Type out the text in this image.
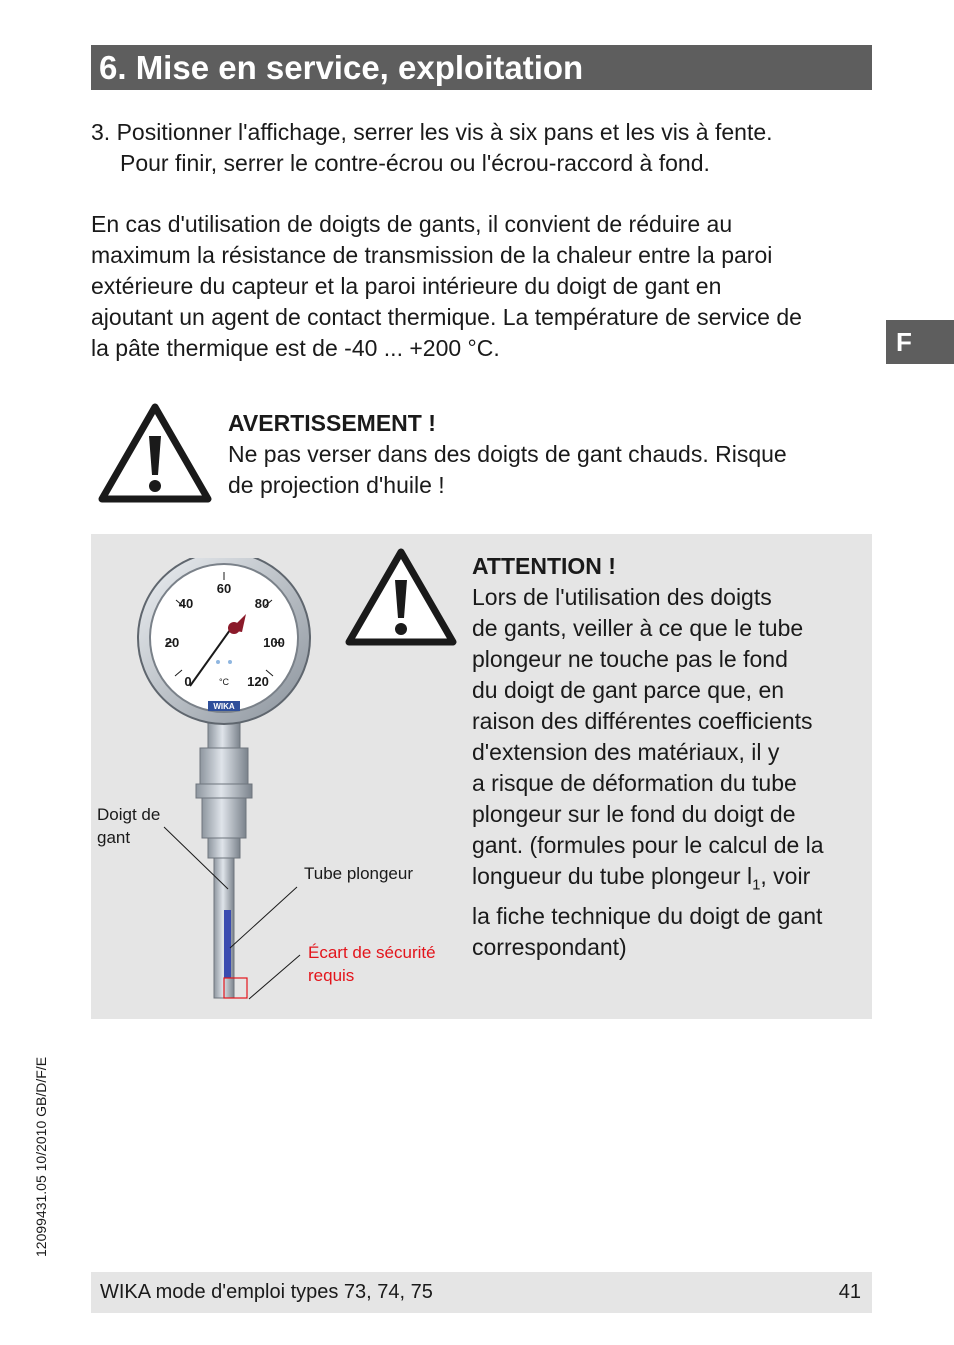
6. Mise en service, exploitation
F
3. Positionner l'affichage, serrer les vis à six pans et les vis à fente.
Pour finir, serrer le contre-écrou ou l'écrou-raccord à fond.
En cas d'utilisation de doigts de gants, il convient de réduire au
maximum la résistance de transmission de la chaleur entre la paroi
extérieure du capteur et la paroi intérieure du doigt de gant en
ajoutant un agent de contact thermique. La température de service de
la pâte thermique est de -40 ... +200 °C.
AVERTISSEMENT !
Ne pas verser dans des doigts de gant chauds. Risque
de projection d'huile !
0
20
40
60
80
100
120
°C
WIKA
Doigt de
gant
Tube plongeur
Écart de sécurité
requis
ATTENTION !
Lors de l'utilisation des doigts
de gants, veiller à ce que le tube
plongeur ne touche pas le fond
du doigt de gant parce que, en
raison des différentes coefficients
d'extension des matériaux, il y
a risque de déformation du tube
plongeur sur le fond du doigt de
gant. (formules pour le calcul de la
longueur du tube plongeur $l_1$, voir
la fiche technique du doigt de gant
correspondant)
12099431.05 10/2010 GB/D/F/E
WIKA mode d'emploi types 73, 74, 75	41
